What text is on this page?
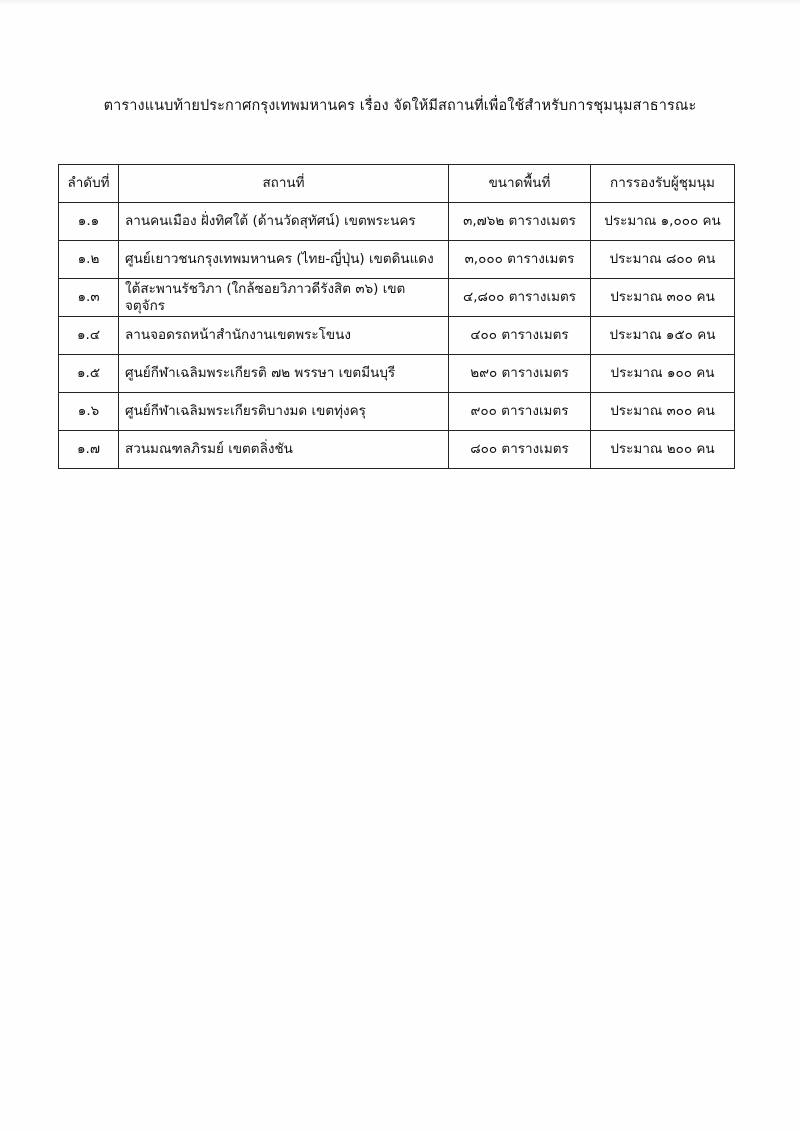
ตารางแนบท้ายประกาศกรุงเทพมหานคร เรื่อง จัดให้มีสถานที่เพื่อใช้สำหรับการชุมนุมสาธารณะ
ลำดับที่	สถานที่	ขนาดพื้นที่	การรองรับผู้ชุมนุม
๑.๑	ลานคนเมือง ฝั่งทิศใต้ (ด้านวัดสุทัศน์) เขตพระนคร	๓,๗๖๒ ตารางเมตร	ประมาณ ๑,๐๐๐ คน
๑.๒	ศูนย์เยาวชนกรุงเทพมหานคร (ไทย-ญี่ปุ่น) เขตดินแดง	๓,๐๐๐ ตารางเมตร	ประมาณ ๘๐๐ คน
๑.๓	ใต้สะพานรัชวิภา (ใกล้ซอยวิภาวดีรังสิต ๓๖) เขตจตุจักร	๔,๘๐๐ ตารางเมตร	ประมาณ ๓๐๐ คน
๑.๔	ลานจอดรถหน้าสำนักงานเขตพระโขนง	๔๐๐ ตารางเมตร	ประมาณ ๑๕๐ คน
๑.๕	ศูนย์กีฬาเฉลิมพระเกียรติ ๗๒ พรรษา เขตมีนบุรี	๒๙๐ ตารางเมตร	ประมาณ ๑๐๐ คน
๑.๖	ศูนย์กีฬาเฉลิมพระเกียรติบางมด เขตทุ่งครุ	๙๐๐ ตารางเมตร	ประมาณ ๓๐๐ คน
๑.๗	สวนมณฑลภิรมย์ เขตตลิ่งชัน	๘๐๐ ตารางเมตร	ประมาณ ๒๐๐ คน
